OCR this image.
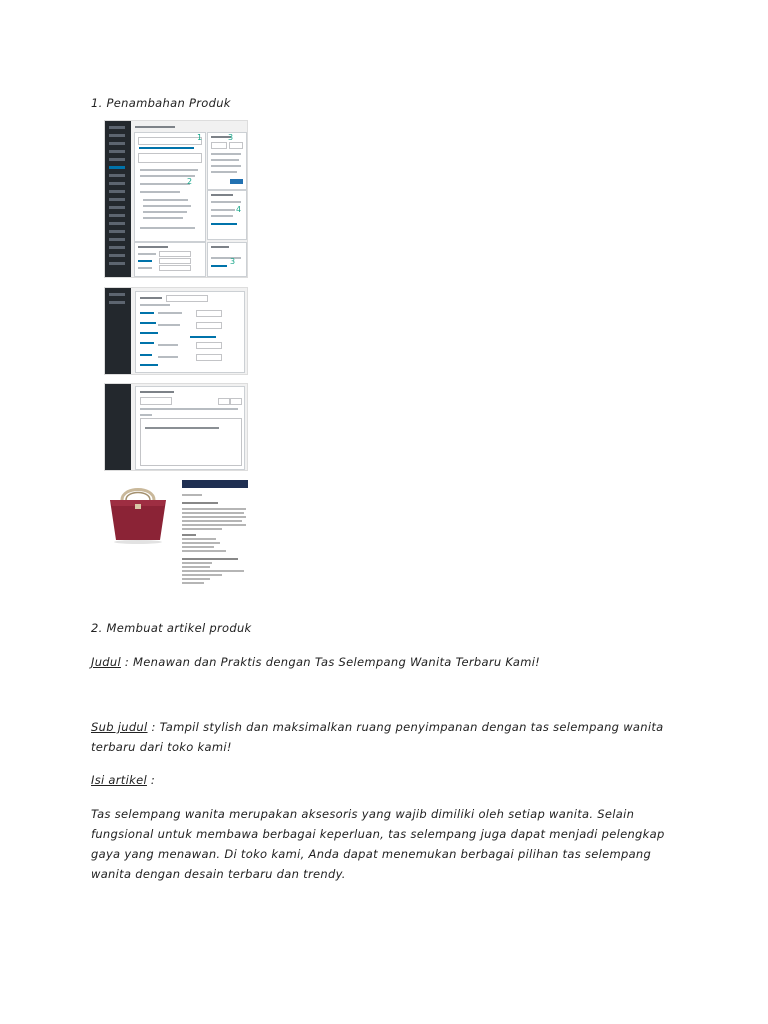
1. Penambahan Produk
1
2
3
4
3
2. Membuat artikel produk
Judul : Menawan dan Praktis dengan Tas Selempang Wanita Terbaru Kami!
Sub judul : Tampil stylish dan maksimalkan ruang penyimpanan dengan tas selempang wanita terbaru dari toko kami!
Isi artikel :
Tas selempang wanita merupakan aksesoris yang wajib dimiliki oleh setiap wanita. Selain fungsional untuk membawa berbagai keperluan, tas selempang juga dapat menjadi pelengkap gaya yang menawan. Di toko kami, Anda dapat menemukan berbagai pilihan tas selempang wanita dengan desain terbaru dan trendy.
